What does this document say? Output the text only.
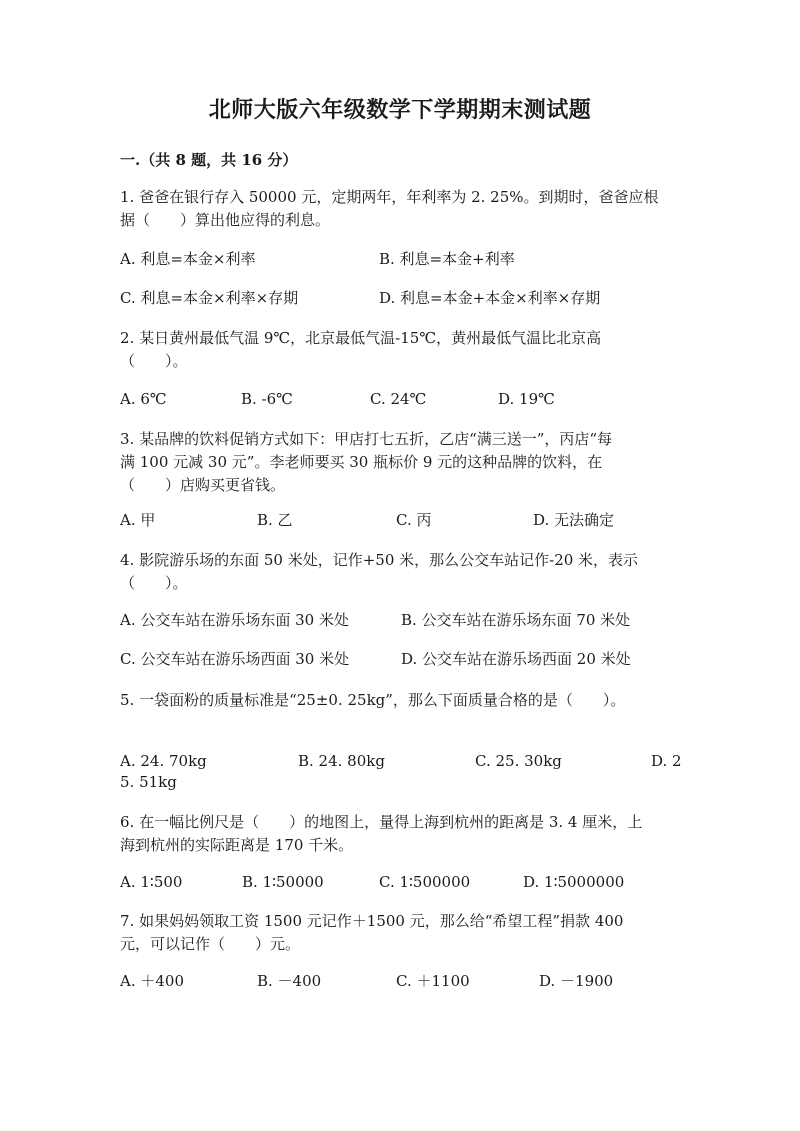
北师大版六年级数学下学期期末测试题
一.（共 8 题，共 16 分）
1. 爸爸在银行存入 50000 元，定期两年，年利率为 2. 25%。到期时，爸爸应根
据（　　）算出他应得的利息。
A. 利息=本金×利率	B. 利息=本金+利率
C. 利息=本金×利率×存期	D. 利息=本金+本金×利率×存期
2. 某日黄州最低气温 9℃，北京最低气温-15℃，黄州最低气温比北京高
（　　）。
A. 6℃	B. -6℃	C. 24℃	D. 19℃
3. 某品牌的饮料促销方式如下：甲店打七五折，乙店“满三送一”，丙店“每
满 100 元减 30 元”。李老师要买 30 瓶标价 9 元的这种品牌的饮料，在
（　　）店购买更省钱。
A. 甲	B. 乙	C. 丙	D. 无法确定
4. 影院游乐场的东面 50 米处，记作+50 米，那么公交车站记作-20 米，表示
（　　）。
A. 公交车站在游乐场东面 30 米处	B. 公交车站在游乐场东面 70 米处
C. 公交车站在游乐场西面 30 米处	D. 公交车站在游乐场西面 20 米处
5. 一袋面粉的质量标准是“25±0. 25kg”，那么下面质量合格的是（　　）。
A. 24. 70kg	B. 24. 80kg	C. 25. 30kg	D. 2
5. 51kg
6. 在一幅比例尺是（　　）的地图上，量得上海到杭州的距离是 3. 4 厘米，上
海到杭州的实际距离是 170 千米。
A. 1∶500	B. 1∶50000	C. 1∶500000	D. 1∶5000000
7. 如果妈妈领取工资 1500 元记作＋1500 元，那么给“希望工程”捐款 400
元，可以记作（　　）元。
A. ＋400	B. －400	C. ＋1100	D. －1900
